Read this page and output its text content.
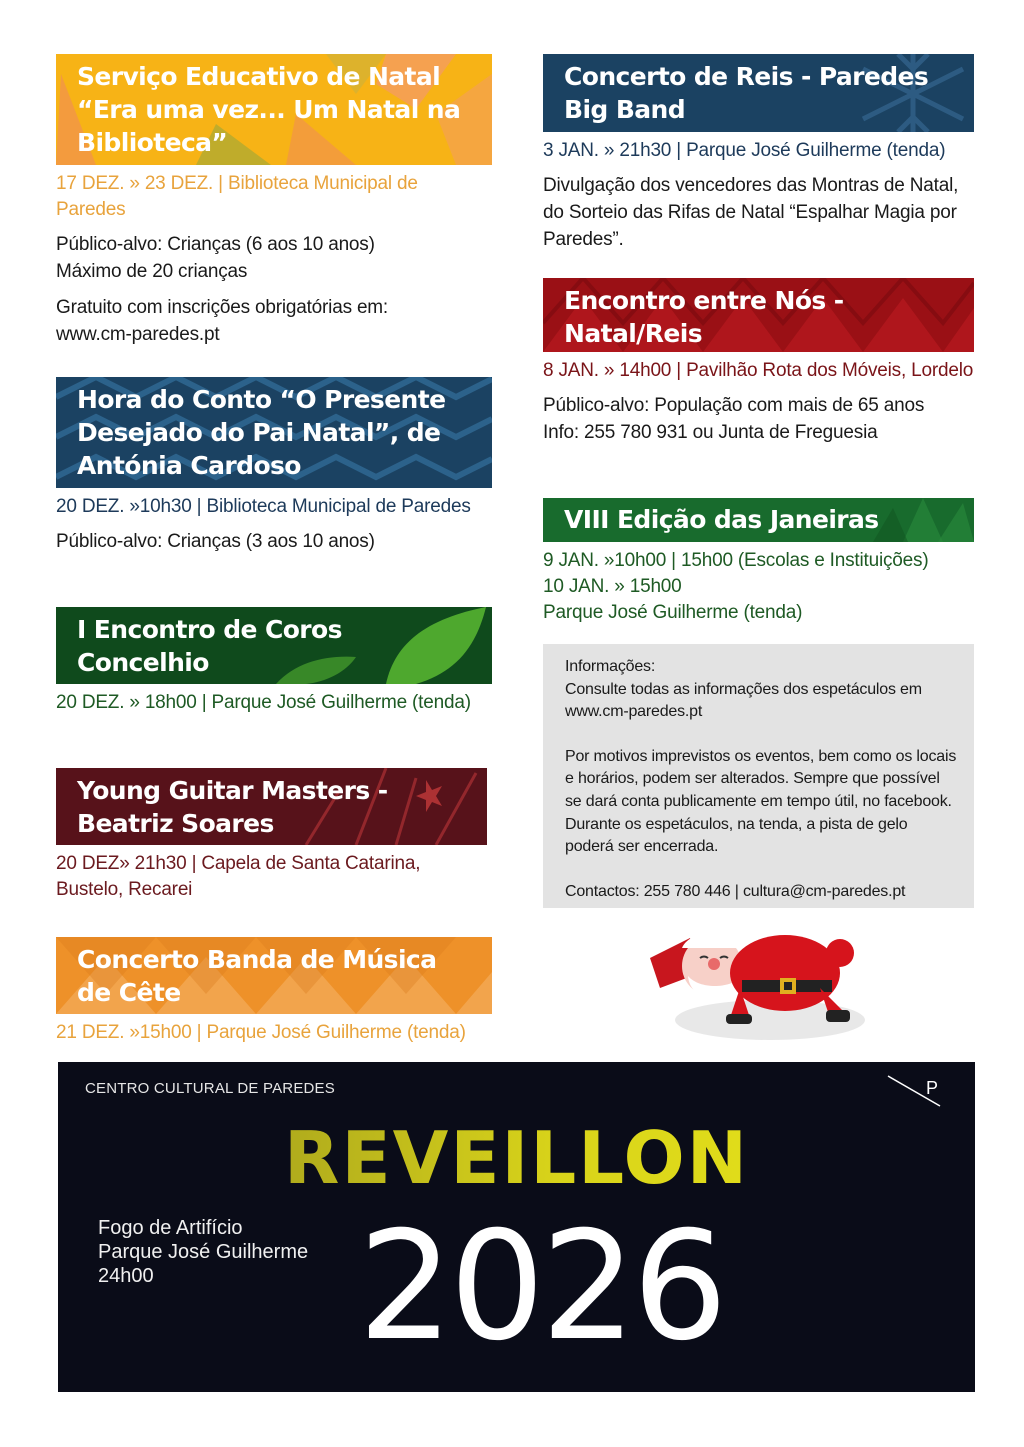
Serviço Educativo de Natal
“Era uma vez... Um Natal na
Biblioteca”
17 DEZ. » 23 DEZ. | Biblioteca Municipal de Paredes

Público-alvo: Crianças (6 aos 10 anos)

Máximo de 20 crianças

Gratuito com inscrições obrigatórias em:

www.cm-paredes.pt

Hora do Conto “O Presente
Desejado do Pai Natal”, de
Antónia Cardoso
20 DEZ. »10h30 | Biblioteca Municipal de Paredes

Público-alvo: Crianças (3 aos 10 anos)

I Encontro de Coros
Concelhio
20 DEZ. » 18h00 | Parque José Guilherme (tenda)
Young Guitar Masters -
Beatriz Soares
20 DEZ» 21h30 | Capela de Santa Catarina, Bustelo, Recarei
Concerto Banda de Música
de Cête
21 DEZ. »15h00 | Parque José Guilherme (tenda)
Concerto de Reis - Paredes
Big Band
3 JAN. » 21h30 | Parque José Guilherme (tenda)

Divulgação dos vencedores das Montras de Natal, do Sorteio das Rifas de Natal “Espalhar Magia por Paredes”.

Encontro entre Nós -
Natal/Reis
8 JAN. » 14h00 | Pavilhão Rota dos Móveis, Lordelo

Público-alvo: População com mais de 65 anos

Info: 255 780 931 ou Junta de Freguesia

VIII Edição das Janeiras
9 JAN. »10h00 | 15h00 (Escolas e Instituições)
10 JAN. » 15h00
Parque José Guilherme (tenda)

Informações:

Consulte todas as informações dos espetáculos em www.cm-paredes.pt

Por motivos imprevistos os eventos, bem como os locais e horários, podem ser alterados. Sempre que possível se dará conta publicamente em tempo útil, no facebook. Durante os espetáculos, na tenda, a pista de gelo poderá ser encerrada.

Contactos: 255 780 446 | cultura@cm-paredes.pt

CENTRO CULTURAL DE PAREDES	P
REVEILLON
Fogo de Artifício
Parque José Guilherme
24h00	2026
